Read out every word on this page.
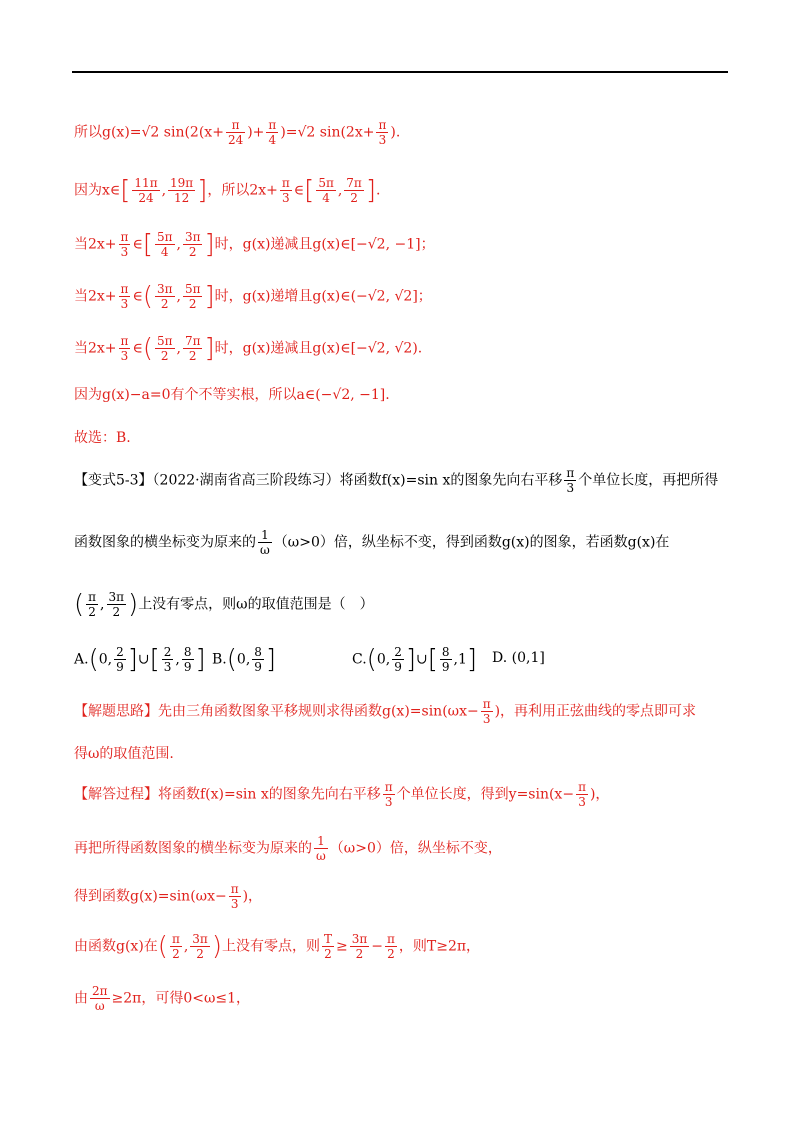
所以g(x)=√2 $\sin(2(x+ \frac{\pi}{24}$ )+ $\frac{\pi}{4} )=√2$ $\sin(2x+ \frac{\pi}{3}$ ).
因为x∈[ $\frac{11\pi}{24}$ , $\frac{19\pi}{12}$ ]，所以$2x+ \frac{\pi}{3}$ ∈[ $\frac{5\pi}{4}$ , $\frac{7\pi}{2}$ ].
当$2x+ \frac{\pi}{3}$ ∈[ $\frac{5\pi}{4}$ , $\frac{3\pi}{2}$ ]时，g(x)递减且g(x)∈[−√2, −1]；
当$2x+ \frac{\pi}{3}$ ∈( $\frac{3\pi}{2}$ , $\frac{5\pi}{2}$ ]时，g(x)递增且g(x)∈(−√2, √2]；
当$2x+ \frac{\pi}{3}$ ∈( $\frac{5\pi}{2}$ , $\frac{7\pi}{2}$ ]时，g(x)递减且g(x)∈[−√2, √2).
因为g(x)−a=0有个不等实根，所以a∈(−√2, −1].
故选：B.
【变式5-3】（2022·湖南省高三阶段练习）将函数f(x)=sin x的图象先向右平移 $\frac{\pi}{3}$ 个单位长度，再把所得
函数图象的横坐标变为原来的 $\frac{1}{\omega} (\omega>0)$倍，纵坐标不变，得到函数g(x)的图象，若函数g(x)在
( $\frac{\pi}{2}$ , $\frac{3\pi}{2}$ )上没有零点，则ω的取值范围是（　）
A.(0, $\frac{2}{9}$ ]∪[ $\frac{2}{3}$ , $\frac{8}{9}$ ] B.(0, $\frac{8}{9}$ ]	C.(0, $\frac{2}{9}$ ]∪[ $\frac{8}{9} ,1$] D. (0,1]
【解题思路】先由三角函数图象平移规则求得函数$g(x)=\sin(\omega x- \frac{\pi}{3}$ )，再利用正弦曲线的零点即可求
得ω的取值范围.
【解答过程】将函数f(x)=sin x的图象先向右平移 $\frac{\pi}{3}$ 个单位长度，得到$y=\sin(x- \frac{\pi}{3}$ )，
再把所得函数图象的横坐标变为原来的 $\frac{1}{\omega} (\omega>0)$倍，纵坐标不变，
得到函数$g(x)=\sin(\omega x- \frac{\pi}{3}$ )，
由函数g(x)在( $\frac{\pi}{2}$ , $\frac{3\pi}{2}$ )上没有零点，则 $\frac{T}{2} \ge \frac{3\pi}{2} - \frac{\pi}{2}$ ，则T≥2π，
由 $\frac{2\pi}{\omega} \ge 2\pi$，可得0<ω≤1，
